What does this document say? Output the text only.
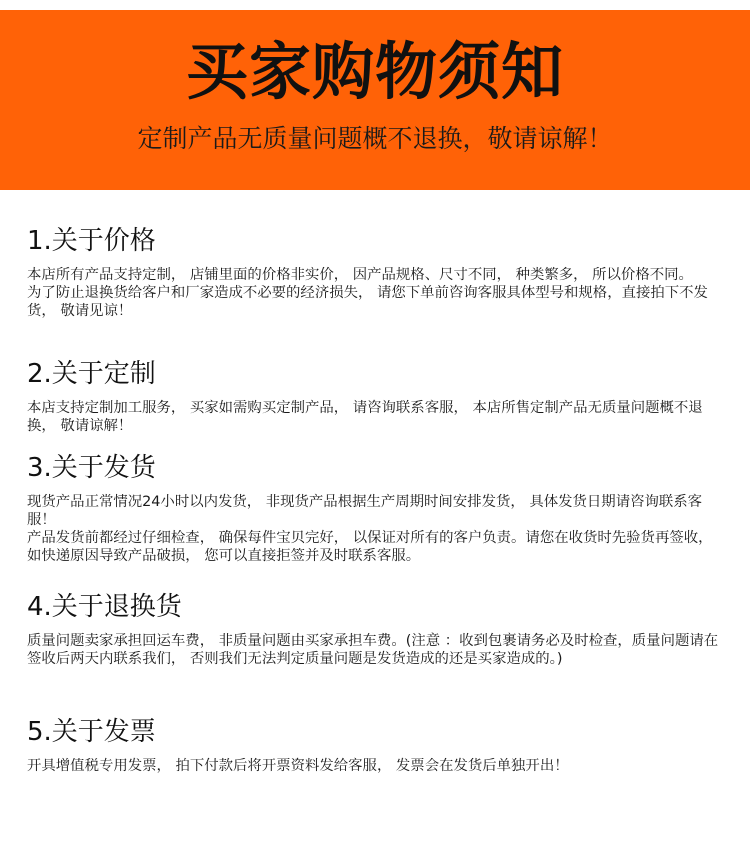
买家购物须知
定制产品无质量问题概不退换，敬请谅解！
1.关于价格

本店所有产品支持定制， 店铺里面的价格非实价， 因产品规格、尺寸不同， 种类繁多， 所以价格不同。

为了防止退换货给客户和厂家造成不必要的经济损失， 请您下单前咨询客服具体型号和规格，直接拍下不发货， 敬请见谅！

2.关于定制

本店支持定制加工服务， 买家如需购买定制产品， 请咨询联系客服， 本店所售定制产品无质量问题概不退换， 敬请谅解！

3.关于发货

现货产品正常情况24小时以内发货， 非现货产品根据生产周期时间安排发货， 具体发货日期请咨询联系客服！

产品发货前都经过仔细检查， 确保每件宝贝完好， 以保证对所有的客户负责。请您在收货时先验货再签收， 如快递原因导致产品破损， 您可以直接拒签并及时联系客服。

4.关于退换货

质量问题卖家承担回运车费， 非质量问题由买家承担车费。(注意 ：收到包裹请务必及时检查，质量问题请在签收后两天内联系我们， 否则我们无法判定质量问题是发货造成的还是买家造成的。)

5.关于发票

开具增值税专用发票， 拍下付款后将开票资料发给客服， 发票会在发货后单独开出！
